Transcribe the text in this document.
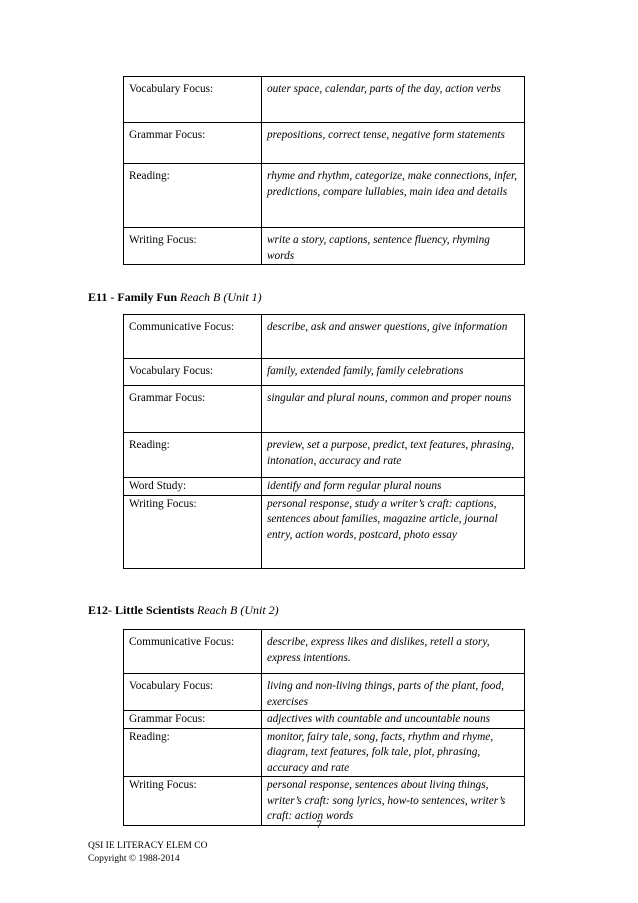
Vocabulary Focus:	outer space, calendar, parts of the day, action verbs
Grammar Focus:	prepositions, correct tense, negative form statements
Reading:	rhyme and rhythm, categorize, make connections, infer, predictions, compare lullabies, main idea and details
Writing Focus:	write a story, captions, sentence fluency, rhyming words
E11 - Family Fun Reach B (Unit 1)
Communicative Focus:	describe, ask and answer questions, give information
Vocabulary Focus:	family, extended family, family celebrations
Grammar Focus:	singular and plural nouns, common and proper nouns
Reading:	preview, set a purpose, predict, text features, phrasing, intonation, accuracy and rate
Word Study:	identify and form regular plural nouns
Writing Focus:	personal response, study a writer’s craft: captions, sentences about families, magazine article, journal entry, action words, postcard, photo essay
E12- Little Scientists Reach B (Unit 2)
Communicative Focus:	describe, express likes and dislikes, retell a story, express intentions.
Vocabulary Focus:	living and non-living things, parts of the plant, food, exercises
Grammar Focus:	adjectives with countable and uncountable nouns
Reading:	monitor, fairy tale, song, facts, rhythm and rhyme, diagram, text features, folk tale, plot, phrasing, accuracy and rate
Writing Focus:	personal response, sentences about living things, writer’s craft: song lyrics, how-to sentences, writer’s craft: action words
7
QSI IE LITERACY ELEM CO
Copyright © 1988-2014
